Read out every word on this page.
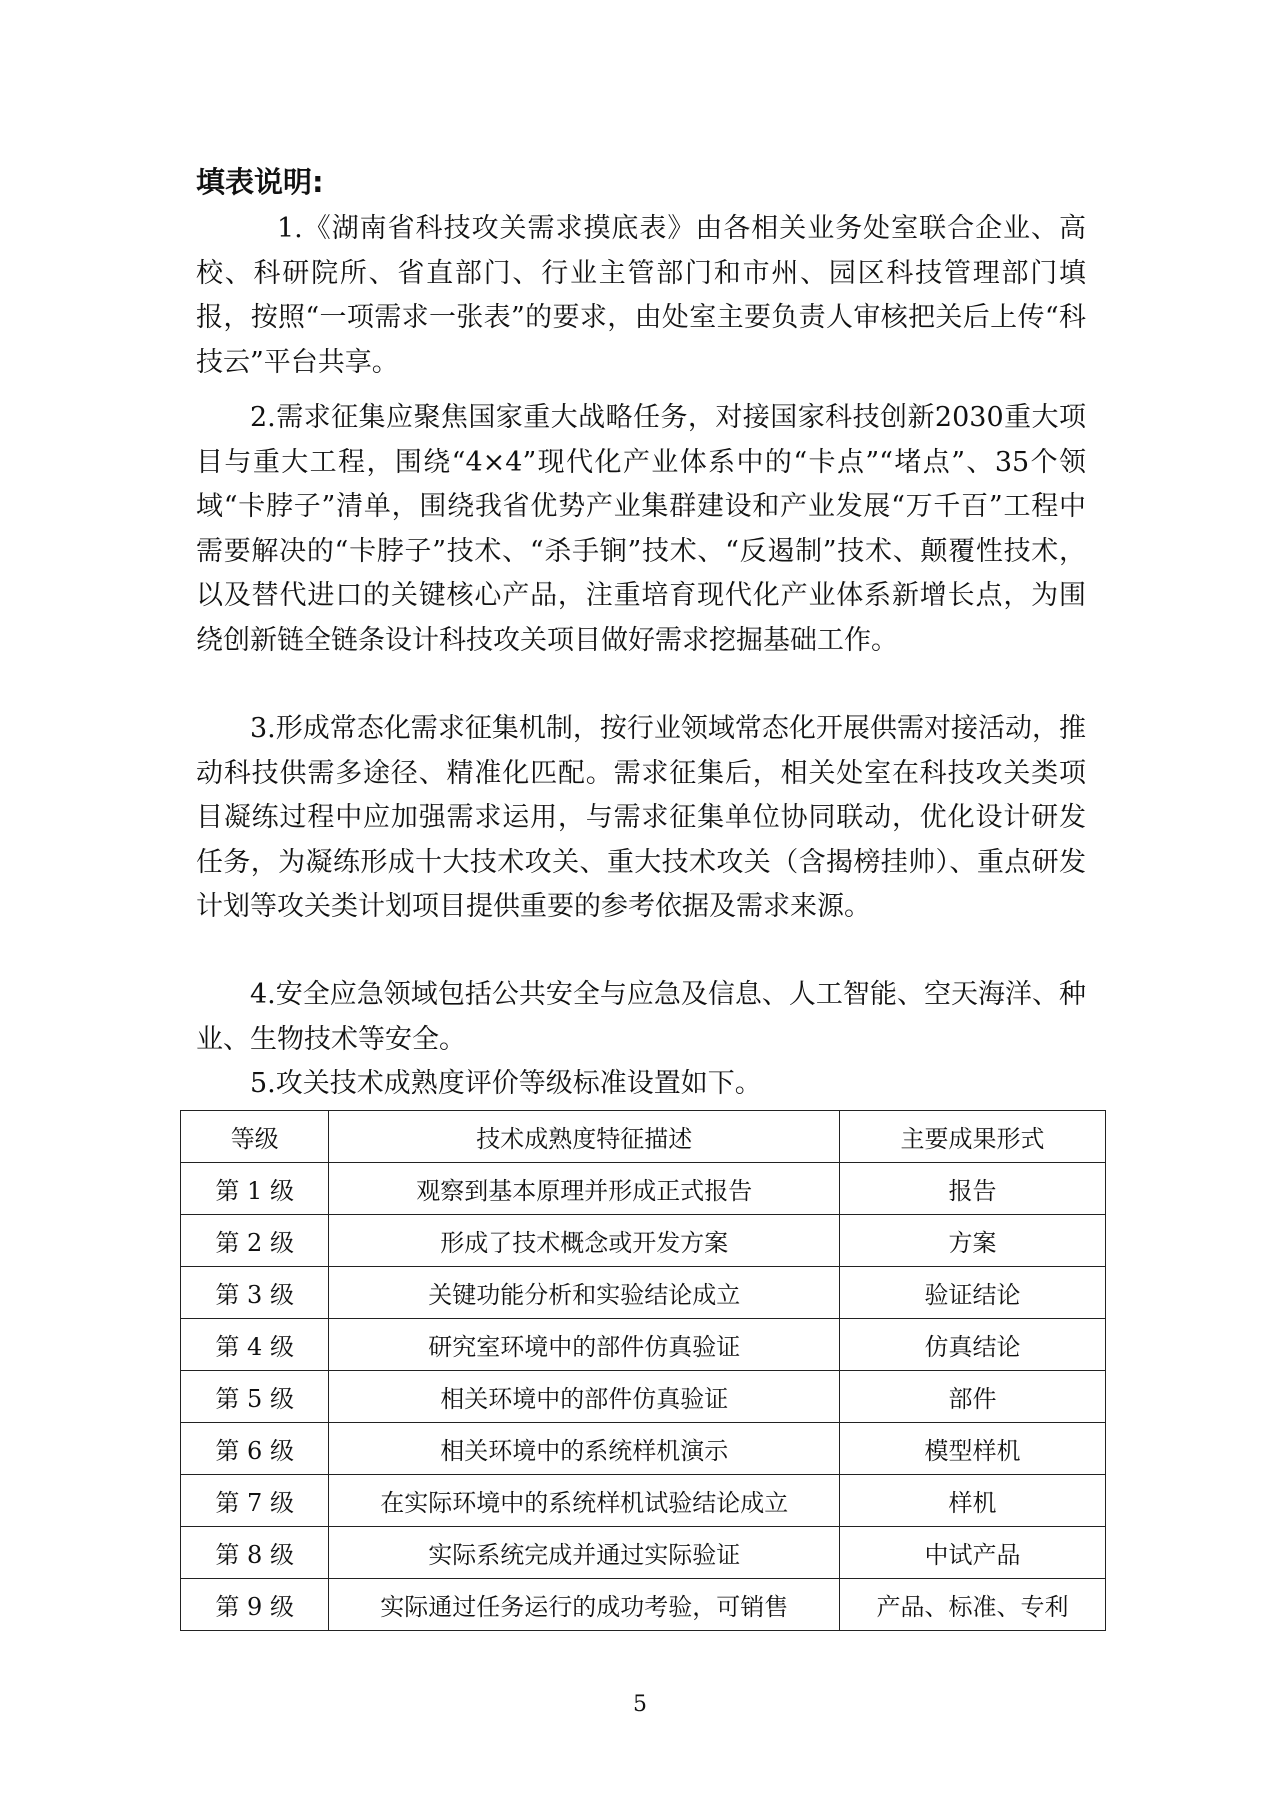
填表说明:

1.《湖南省科技攻关需求摸底表》由各相关业务处室联合企业、高校、科研院所、省直部门、行业主管部门和市州、园区科技管理部门填报，按照“一项需求一张表”的要求，由处室主要负责人审核把关后上传“科技云”平台共享。

2.需求征集应聚焦国家重大战略任务，对接国家科技创新2030重大项目与重大工程，围绕“4×4”现代化产业体系中的“卡点”“堵点”、35个领域“卡脖子”清单，围绕我省优势产业集群建设和产业发展“万千百”工程中需要解决的“卡脖子”技术、“杀手锏”技术、“反遏制”技术、颠覆性技术，以及替代进口的关键核心产品，注重培育现代化产业体系新增长点，为围绕创新链全链条设计科技攻关项目做好需求挖掘基础工作。

3.形成常态化需求征集机制，按行业领域常态化开展供需对接活动，推动科技供需多途径、精准化匹配。需求征集后，相关处室在科技攻关类项目凝练过程中应加强需求运用，与需求征集单位协同联动，优化设计研发任务，为凝练形成十大技术攻关、重大技术攻关（含揭榜挂帅）、重点研发计划等攻关类计划项目提供重要的参考依据及需求来源。

4.安全应急领域包括公共安全与应急及信息、人工智能、空天海洋、种业、生物技术等安全。

5.攻关技术成熟度评价等级标准设置如下。

等级	技术成熟度特征描述	主要成果形式
第 1 级	观察到基本原理并形成正式报告	报告
第 2 级	形成了技术概念或开发方案	方案
第 3 级	关键功能分析和实验结论成立	验证结论
第 4 级	研究室环境中的部件仿真验证	仿真结论
第 5 级	相关环境中的部件仿真验证	部件
第 6 级	相关环境中的系统样机演示	模型样机
第 7 级	在实际环境中的系统样机试验结论成立	样机
第 8 级	实际系统完成并通过实际验证	中试产品
第 9 级	实际通过任务运行的成功考验，可销售	产品、标准、专利

5
